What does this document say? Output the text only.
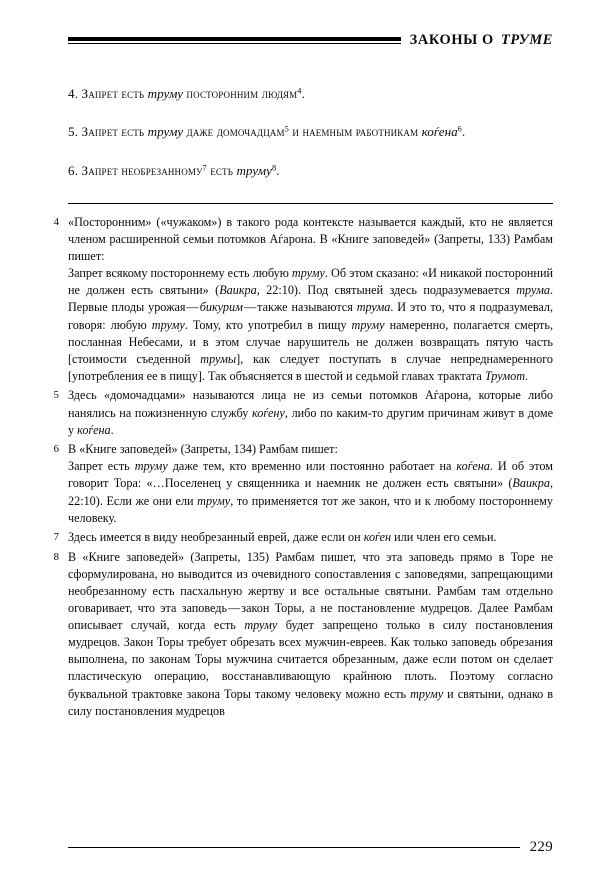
ЗАКОНЫ О ТРУМЕ

4. Запрет есть труму посторонним людям$^4$.

5. Запрет есть труму даже домочадцам$^5$ и наемным работникам коѓена$^6$.

6. Запрет необрезанному$^7$ есть труму$^8$.

4 «Посторонним» («чужаком») в такого рода контексте называется каждый, кто не является членом расширенной семьи потомков Аѓарона. В «Книге заповедей» (Запреты, 133) Рамбам пишет:

Запрет всякому постороннему есть любую труму. Об этом сказано: «И никакой посторонний не должен есть святыни» (Ваикра, 22:10). Под святыней здесь подразумевается трума. Первые плоды урожая — бикурим — также называются трума. И это то, что я подразумевал, говоря: любую труму. Тому, кто употребил в пищу труму намеренно, полагается смерть, посланная Небесами, и в этом случае нарушитель не должен возвращать пятую часть [стоимости съеденной трумы], как следует поступать в случае непреднамеренного [употребления ее в пищу]. Так объясняется в шестой и седьмой главах трактата Трумот.

5 Здесь «домочадцами» называются лица не из семьи потомков Аѓарона, которые либо нанялись на пожизненную службу коѓену, либо по каким-то другим причинам живут в доме у коѓена.

6 В «Книге заповедей» (Запреты, 134) Рамбам пишет:

Запрет есть труму даже тем, кто временно или постоянно работает на коѓена. И об этом говорит Тора: «…Поселенец у священника и наемник не должен есть святыни» (Ваикра, 22:10). Если же они ели труму, то применяется тот же закон, что и к любому постороннему человеку.

7 Здесь имеется в виду необрезанный еврей, даже если он коѓен или член его семьи.

8 В «Книге заповедей» (Запреты, 135) Рамбам пишет, что эта заповедь прямо в Торе не сформулирована, но выводится из очевидного сопоставления с заповедями, запрещающими необрезанному есть пасхальную жертву и все остальные святыни. Рамбам там отдельно оговаривает, что эта заповедь — закон Торы, а не постановление мудрецов. Далее Рамбам описывает случай, когда есть труму будет запрещено только в силу постановления мудрецов. Закон Торы требует обрезать всех мужчин-евреев. Как только заповедь обрезания выполнена, по законам Торы мужчина считается обрезанным, даже если потом он сделает пластическую операцию, восстанавливающую крайнюю плоть. Поэтому согласно буквальной трактовке закона Торы такому человеку можно есть труму и святыни, однако в силу постановления мудрецов

229
